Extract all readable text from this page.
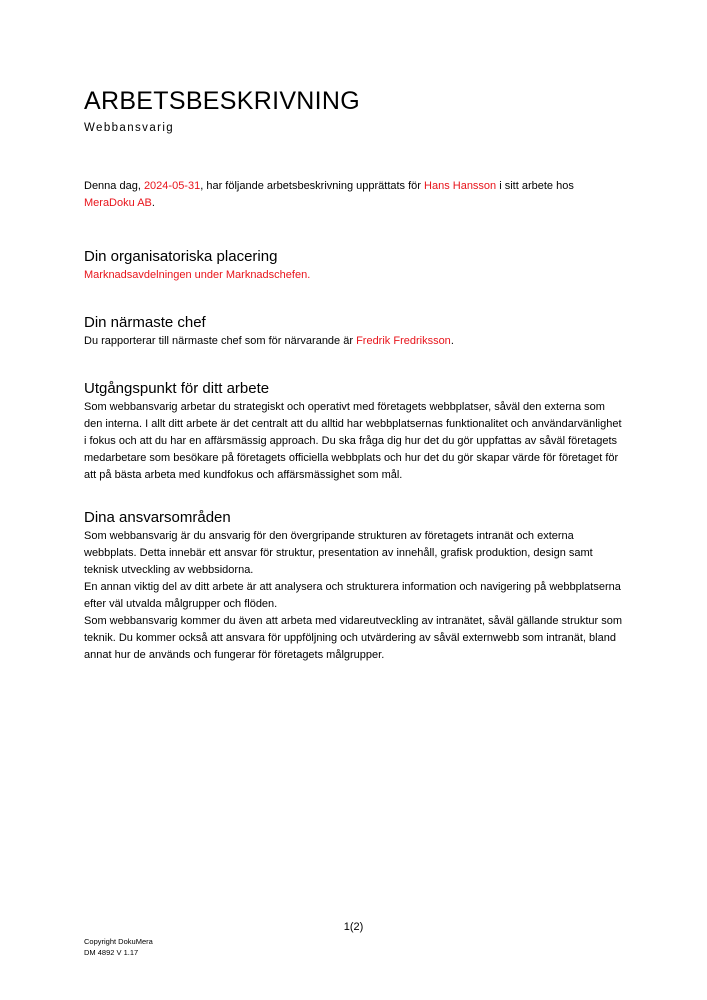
ARBETSBESKRIVNING
Webbansvarig

Denna dag, 2024-05-31, har följande arbetsbeskrivning upprättats för Hans Hansson i sitt arbete hos MeraDoku AB.

Din organisatoriska placering

Marknadsavdelningen under Marknadschefen.

Din närmaste chef

Du rapporterar till närmaste chef som för närvarande är Fredrik Fredriksson.

Utgångspunkt för ditt arbete

Som webbansvarig arbetar du strategiskt och operativt med företagets webbplatser, såväl den externa som den interna. I allt ditt arbete är det centralt att du alltid har webbplatsernas funktionalitet och användarvänlighet i fokus och att du har en affärsmässig approach. Du ska fråga dig hur det du gör uppfattas av såväl företagets medarbetare som besökare på företagets officiella webbplats och hur det du gör skapar värde för företaget för att på bästa arbeta med kundfokus och affärsmässighet som mål.

Dina ansvarsområden

Som webbansvarig är du ansvarig för den övergripande strukturen av företagets intranät och externa webbplats. Detta innebär ett ansvar för struktur, presentation av innehåll, grafisk produktion, design samt teknisk utveckling av webbsidorna.

En annan viktig del av ditt arbete är att analysera och strukturera information och navigering på webbplatserna efter väl utvalda målgrupper och flöden.

Som webbansvarig kommer du även att arbeta med vidareutveckling av intranätet, såväl gällande struktur som teknik. Du kommer också att ansvara för uppföljning och utvärdering av såväl externwebb som intranät, bland annat hur de används och fungerar för företagets målgrupper.

1(2)
Copyright DokuMera
DM 4892 V 1.17
